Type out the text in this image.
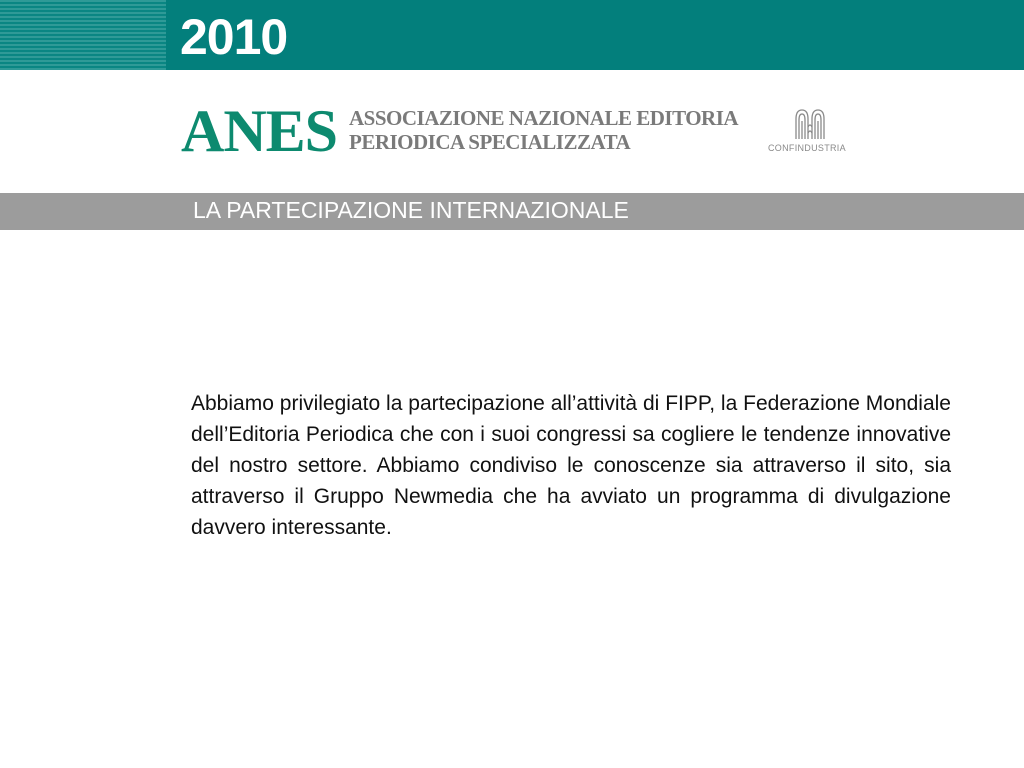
2010
ANES ASSOCIAZIONE NAZIONALE EDITORIA
PERIODICA SPECIALIZZATA	CONFINDUSTRIA
LA PARTECIPAZIONE INTERNAZIONALE

Abbiamo privilegiato la partecipazione all’attività di FIPP, la Federazione Mondiale dell’Editoria Periodica che con i suoi congressi sa cogliere le tendenze innovative del nostro settore. Abbiamo condiviso le conoscenze sia attraverso il sito, sia attraverso il Gruppo Newmedia che ha avviato un programma di divulgazione davvero interessante.
